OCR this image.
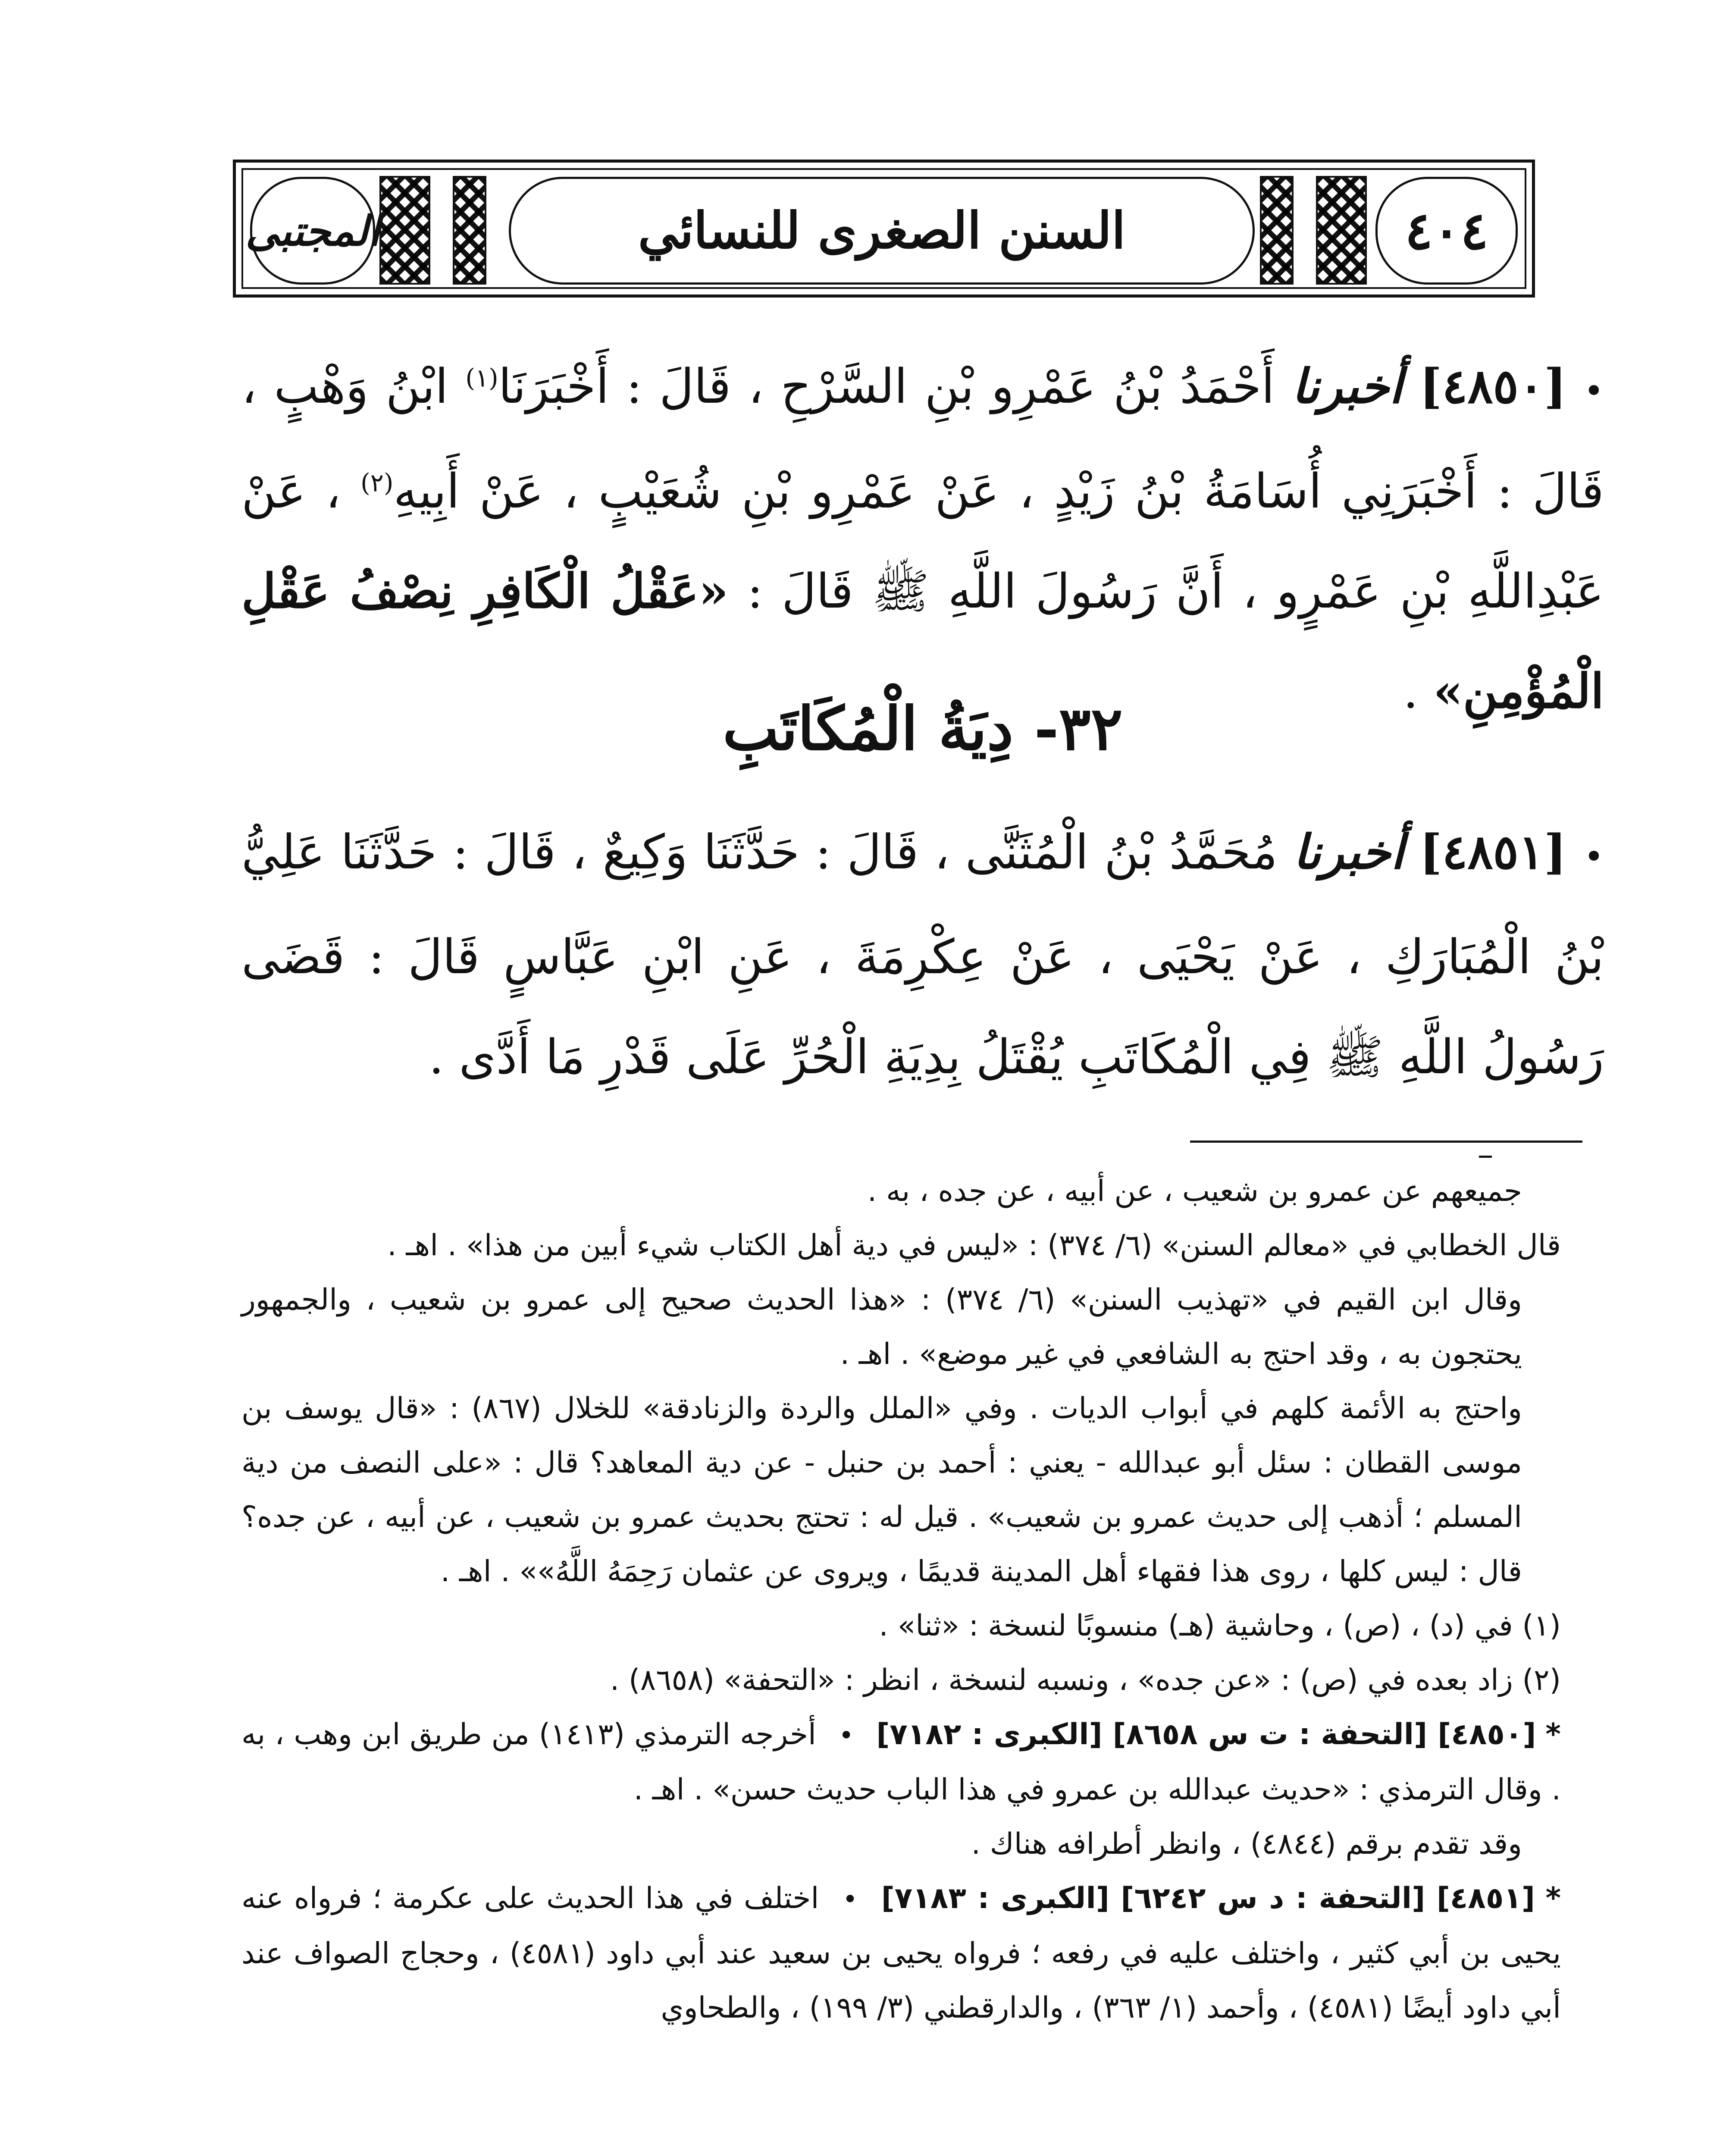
المجتبى	السنن الصغرى للنسائي	٤٠٤
•[٤٨٥٠] أخبرنا أَحْمَدُ بْنُ عَمْرِو بْنِ السَّرْحِ ، قَالَ : أَخْبَرَنَا$^{(١)}$ ابْنُ وَهْبٍ ، قَالَ : أَخْبَرَنِي أُسَامَةُ بْنُ زَيْدٍ ، عَنْ عَمْرِو بْنِ شُعَيْبٍ ، عَنْ أَبِيهِ$^{(٢)}$ ، عَنْ عَبْدِاللَّهِ بْنِ عَمْرٍو ، أَنَّ رَسُولَ اللَّهِ ﷺ قَالَ : «عَقْلُ الْكَافِرِ نِصْفُ عَقْلِ الْمُؤْمِنِ» .
٣٢- دِيَةُ الْمُكَاتَبِ
•[٤٨٥١] أخبرنا مُحَمَّدُ بْنُ الْمُثَنَّى ، قَالَ : حَدَّثَنَا وَكِيعٌ ، قَالَ : حَدَّثَنَا عَلِيُّ بْنُ الْمُبَارَكِ ، عَنْ يَحْيَى ، عَنْ عِكْرِمَةَ ، عَنِ ابْنِ عَبَّاسٍ قَالَ : قَضَى رَسُولُ اللَّهِ ﷺ فِي الْمُكَاتَبِ يُقْتَلُ بِدِيَةِ الْحُرِّ عَلَى قَدْرِ مَا أَدَّى .

جميعهم عن عمرو بن شعيب ، عن أبيه ، عن جده ، به .

قال الخطابي في «معالم السنن» (٦/ ٣٧٤) : «ليس في دية أهل الكتاب شيء أبين من هذا» . اهـ .

وقال ابن القيم في «تهذيب السنن» (٦/ ٣٧٤) : «هذا الحديث صحيح إلى عمرو بن شعيب ، والجمهور يحتجون به ، وقد احتج به الشافعي في غير موضع» . اهـ .

واحتج به الأئمة كلهم في أبواب الديات . وفي «الملل والردة والزنادقة» للخلال (٨٦٧) : «قال يوسف بن موسى القطان : سئل أبو عبدالله - يعني : أحمد بن حنبل - عن دية المعاهد؟ قال : «على النصف من دية المسلم ؛ أذهب إلى حديث عمرو بن شعيب» . قيل له : تحتج بحديث عمرو بن شعيب ، عن أبيه ، عن جده؟ قال : ليس كلها ، روى هذا فقهاء أهل المدينة قديمًا ، ويروى عن عثمان رَحِمَهُ اللَّهُ»» . اهـ .

(١) في (د) ، (ص) ، وحاشية (هـ) منسوبًا لنسخة : «ثنا» .

(٢) زاد بعده في (ص) : «عن جده» ، ونسبه لنسخة ، انظر : «التحفة» (٨٦٥٨) .

* [٤٨٥٠] [التحفة : ت س ٨٦٥٨] [الكبرى : ٧١٨٢] • أخرجه الترمذي (١٤١٣) من طريق ابن وهب ، به . وقال الترمذي : «حديث عبدالله بن عمرو في هذا الباب حديث حسن» . اهـ .

وقد تقدم برقم (٤٨٤٤) ، وانظر أطرافه هناك .

* [٤٨٥١] [التحفة : د س ٦٢٤٢] [الكبرى : ٧١٨٣] • اختلف في هذا الحديث على عكرمة ؛ فرواه عنه يحيى بن أبي كثير ، واختلف عليه في رفعه ؛ فرواه يحيى بن سعيد عند أبي داود (٤٥٨١) ، وحجاج الصواف عند أبي داود أيضًا (٤٥٨١) ، وأحمد (١/ ٣٦٣) ، والدارقطني (٣/ ١٩٩) ، والطحاوي
